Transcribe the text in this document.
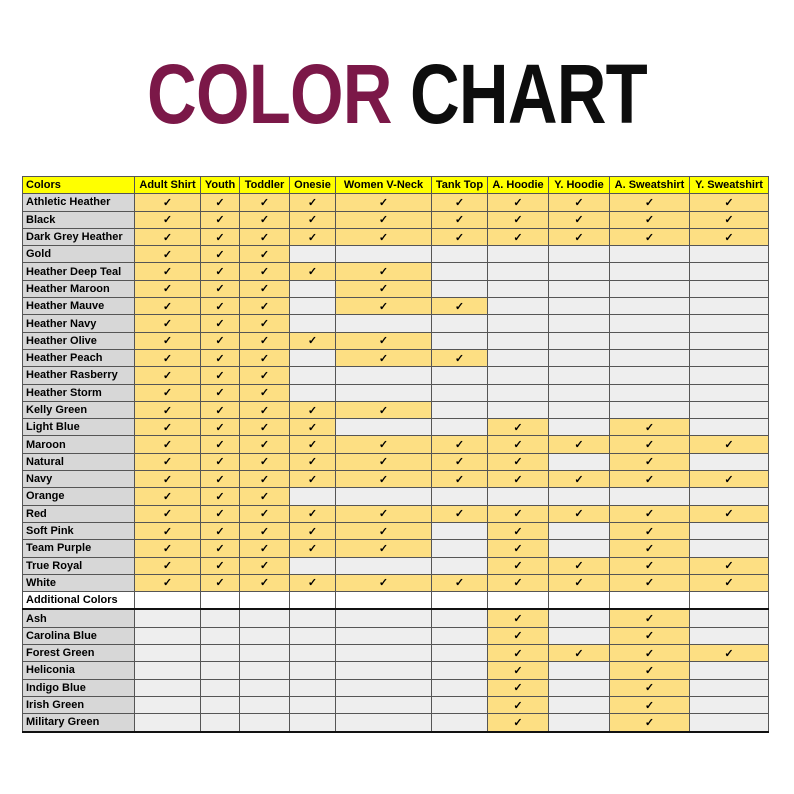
COLOR CHART
Colors	Adult Shirt	Youth	Toddler	Onesie	Women V-Neck	Tank Top	A. Hoodie	Y. Hoodie	A. Sweatshirt	Y. Sweatshirt
Athletic Heather	✓	✓	✓	✓	✓	✓	✓	✓	✓	✓
Black	✓	✓	✓	✓	✓	✓	✓	✓	✓	✓
Dark Grey Heather	✓	✓	✓	✓	✓	✓	✓	✓	✓	✓
Gold	✓	✓	✓							
Heather Deep Teal	✓	✓	✓	✓	✓					
Heather Maroon	✓	✓	✓		✓					
Heather Mauve	✓	✓	✓		✓	✓				
Heather Navy	✓	✓	✓							
Heather Olive	✓	✓	✓	✓	✓					
Heather Peach	✓	✓	✓		✓	✓				
Heather Rasberry	✓	✓	✓							
Heather Storm	✓	✓	✓							
Kelly Green	✓	✓	✓	✓	✓					
Light Blue	✓	✓	✓	✓			✓		✓	
Maroon	✓	✓	✓	✓	✓	✓	✓	✓	✓	✓
Natural	✓	✓	✓	✓	✓	✓	✓		✓	
Navy	✓	✓	✓	✓	✓	✓	✓	✓	✓	✓
Orange	✓	✓	✓							
Red	✓	✓	✓	✓	✓	✓	✓	✓	✓	✓
Soft Pink	✓	✓	✓	✓	✓		✓		✓	
Team Purple	✓	✓	✓	✓	✓		✓		✓	
True Royal	✓	✓	✓				✓	✓	✓	✓
White	✓	✓	✓	✓	✓	✓	✓	✓	✓	✓
Additional Colors										
Ash							✓		✓	
Carolina Blue							✓		✓	
Forest Green							✓	✓	✓	✓
Heliconia							✓		✓	
Indigo Blue							✓		✓	
Irish Green							✓		✓	
Military Green							✓		✓	
